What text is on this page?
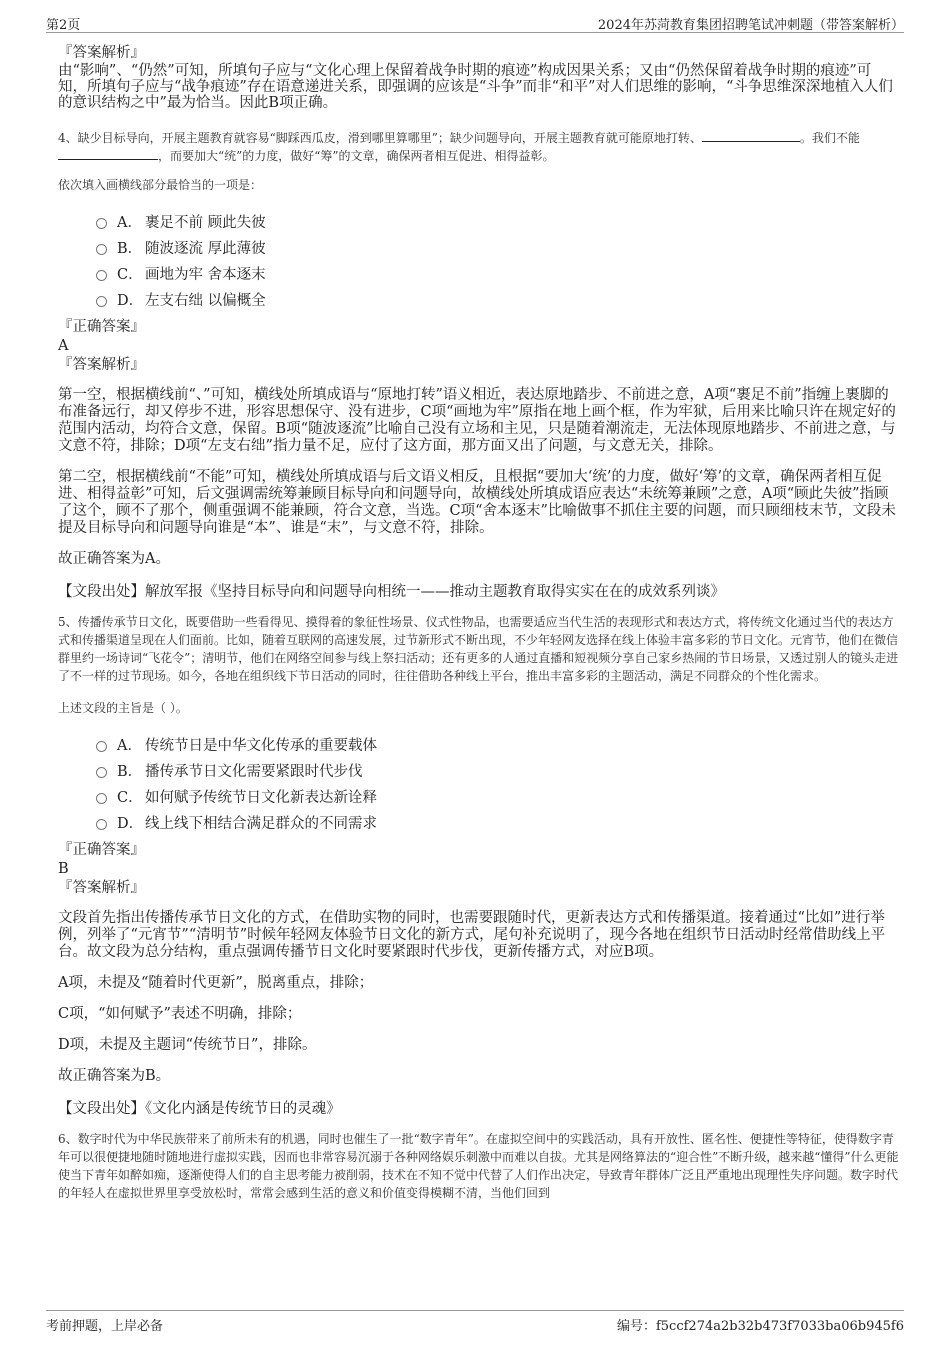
第2页	2024年苏菏教育集团招聘笔试冲刺题（带答案解析）

『答案解析』

由“影响”、“仍然”可知，所填句子应与“文化心理上保留着战争时期的痕迹”构成因果关系；又由“仍然保留着战争时期的痕迹”可知，所填句子应与“战争痕迹”存在语意递进关系，即强调的应该是“斗争”而非“和平”对人们思维的影响，“斗争思维深深地植入人们的意识结构之中”最为恰当。因此B项正确。

4、缺少目标导向，开展主题教育就容易“脚踩西瓜皮，滑到哪里算哪里”；缺少问题导向，开展主题教育就可能原地打转、	。我们不能，而要加大“统”的力度，做好“筹”的文章，确保两者相互促进、相得益彰。

依次填入画横线部分最恰当的一项是：

A． 裹足不前 顾此失彼
B． 随波逐流 厚此薄彼
C． 画地为牢 舍本逐末
D． 左支右绌 以偏概全

『正确答案』

A

『答案解析』

第一空，根据横线前“、”可知，横线处所填成语与“原地打转”语义相近，表达原地踏步、不前进之意，A项“裹足不前”指缠上裹脚的布准备远行，却又停步不进，形容思想保守、没有进步，C项“画地为牢”原指在地上画个框，作为牢狱，后用来比喻只许在规定好的范围内活动，均符合文意，保留。B项“随波逐流”比喻自己没有立场和主见，只是随着潮流走，无法体现原地踏步、不前进之意，与文意不符，排除；D项“左支右绌”指力量不足，应付了这方面，那方面又出了问题，与文意无关，排除。

第二空，根据横线前“不能”可知，横线处所填成语与后文语义相反，且根据“要加大‘统’的力度，做好‘筹’的文章，确保两者相互促进、相得益彰”可知，后文强调需统筹兼顾目标导向和问题导向，故横线处所填成语应表达“未统筹兼顾”之意，A项“顾此失彼”指顾了这个，顾不了那个，侧重强调不能兼顾，符合文意，当选。C项“舍本逐末”比喻做事不抓住主要的问题，而只顾细枝末节，文段未提及目标导向和问题导向谁是“本”、谁是“末”，与文意不符，排除。

故正确答案为A。

【文段出处】解放军报《坚持目标导向和问题导向相统一——推动主题教育取得实实在在的成效系列谈》

5、传播传承节日文化，既要借助一些看得见、摸得着的象征性场景、仪式性物品，也需要适应当代生活的表现形式和表达方式，将传统文化通过当代的表达方式和传播渠道呈现在人们面前。比如，随着互联网的高速发展，过节新形式不断出现，不少年轻网友选择在线上体验丰富多彩的节日文化。元宵节，他们在微信群里约一场诗词“飞花令”；清明节，他们在网络空间参与线上祭扫活动；还有更多的人通过直播和短视频分享自己家乡热闹的节日场景，又透过别人的镜头走进了不一样的过节现场。如今，各地在组织线下节日活动的同时，往往借助各种线上平台，推出丰富多彩的主题活动，满足不同群众的个性化需求。

上述文段的主旨是（ ）。

A． 传统节日是中华文化传承的重要载体
B． 播传承节日文化需要紧跟时代步伐
C． 如何赋予传统节日文化新表达新诠释
D． 线上线下相结合满足群众的不同需求

『正确答案』

B

『答案解析』

文段首先指出传播传承节日文化的方式，在借助实物的同时，也需要跟随时代，更新表达方式和传播渠道。接着通过“比如”进行举例，列举了“元宵节”“清明节”时候年轻网友体验节日文化的新方式，尾句补充说明了，现今各地在组织节日活动时经常借助线上平台。故文段为总分结构，重点强调传播节日文化时要紧跟时代步伐，更新传播方式，对应B项。

A项，未提及“随着时代更新”，脱离重点，排除；

C项，“如何赋予”表述不明确，排除；

D项，未提及主题词“传统节日”，排除。

故正确答案为B。

【文段出处】《文化内涵是传统节日的灵魂》

6、数字时代为中华民族带来了前所未有的机遇，同时也催生了一批“数字青年”。在虚拟空间中的实践活动，具有开放性、匿名性、便捷性等特征，使得数字青年可以很便捷地随时随地进行虚拟实践，因而也非常容易沉溺于各种网络娱乐刺激中而难以自拔。尤其是网络算法的“迎合性”不断升级，越来越“懂得”什么更能使当下青年如醉如痴，逐渐使得人们的自主思考能力被削弱，技术在不知不觉中代替了人们作出决定，导致青年群体广泛且严重地出现理性失序问题。数字时代的年轻人在虚拟世界里享受放松时，常常会感到生活的意义和价值变得模糊不清，当他们回到

考前押题，上岸必备	编号：f5ccf274a2b32b473f7033ba06b945f6
